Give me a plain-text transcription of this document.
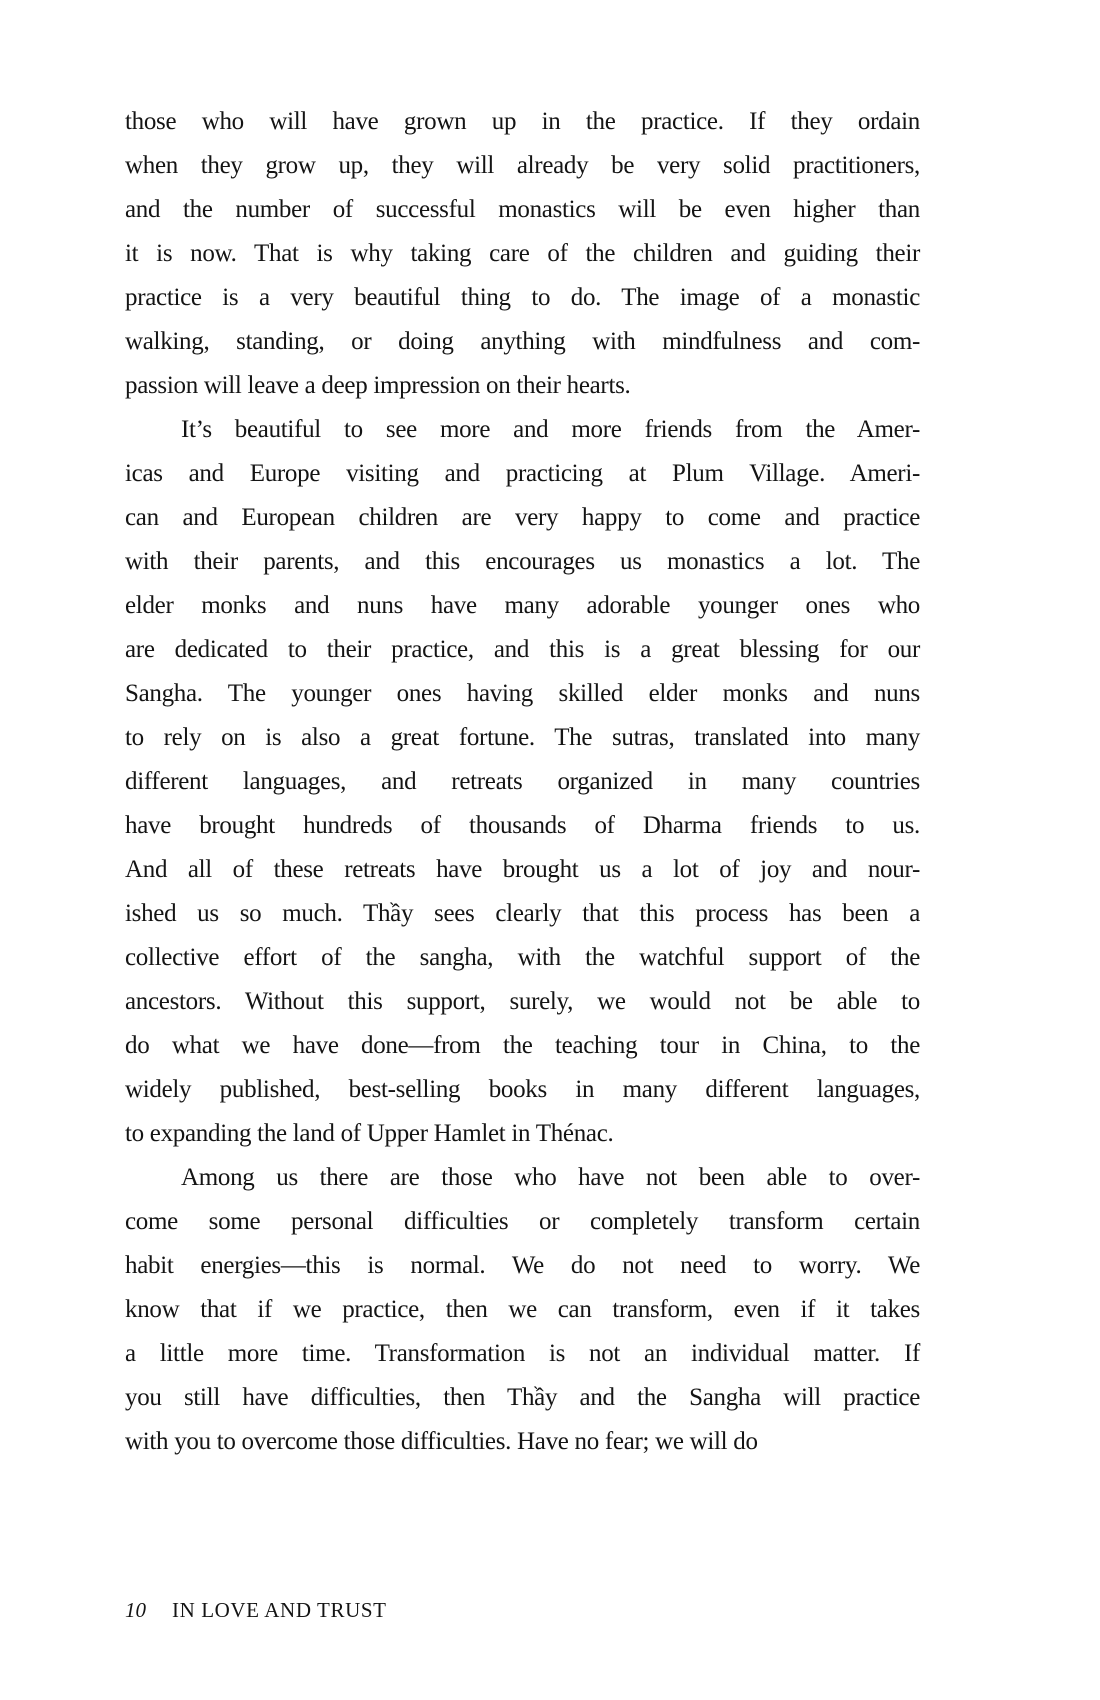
those who will have grown up in the practice. If they ordain
when they grow up, they will already be very solid practitioners,
and the number of successful monastics will be even higher than
it is now. That is why taking care of the children and guiding their
practice is a very beautiful thing to do. The image of a monastic
walking, standing, or doing anything with mindfulness and com-
passion will leave a deep impression on their hearts.
It’s beautiful to see more and more friends from the Amer-
icas and Europe visiting and practicing at Plum Village. Ameri-
can and European children are very happy to come and practice
with their parents, and this encourages us monastics a lot. The
elder monks and nuns have many adorable younger ones who
are dedicated to their practice, and this is a great blessing for our
Sangha. The younger ones having skilled elder monks and nuns
to rely on is also a great fortune. The sutras, translated into many
different languages, and retreats organized in many countries
have brought hundreds of thousands of Dharma friends to us.
And all of these retreats have brought us a lot of joy and nour-
ished us so much. Thầy sees clearly that this process has been a
collective effort of the sangha, with the watchful support of the
ancestors. Without this support, surely, we would not be able to
do what we have done—from the teaching tour in China, to the
widely published, best-selling books in many different languages,
to expanding the land of Upper Hamlet in Thénac.
Among us there are those who have not been able to over-
come some personal difficulties or completely transform certain
habit energies—this is normal. We do not need to worry. We
know that if we practice, then we can transform, even if it takes
a little more time. Transformation is not an individual matter. If
you still have difficulties, then Thầy and the Sangha will practice
with you to overcome those difficulties. Have no fear; we will do
10 IN LOVE AND TRUST
